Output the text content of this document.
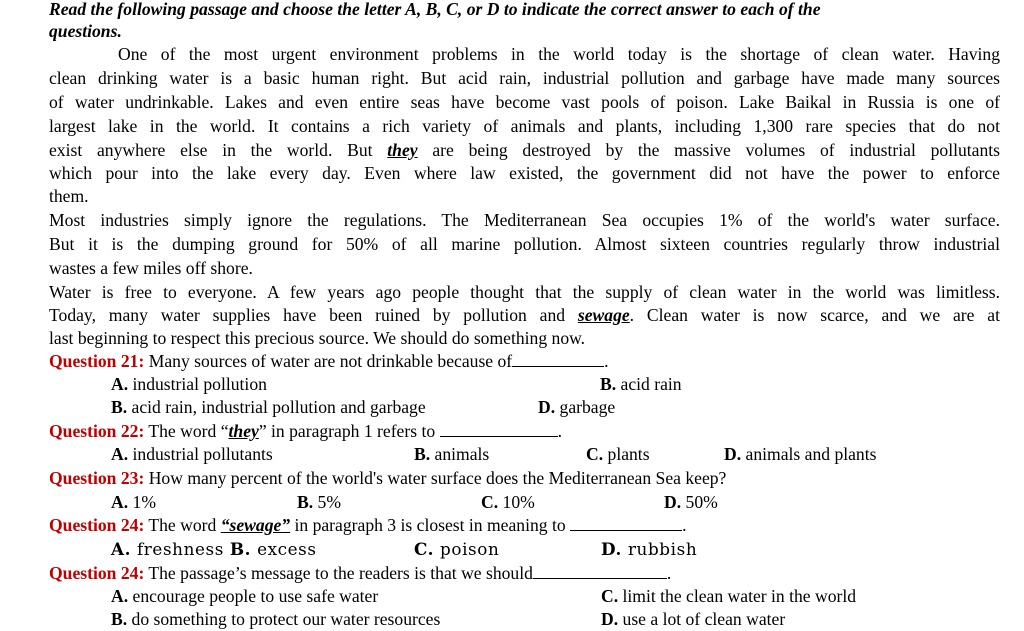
Read the following passage and choose the letter A, B, C, or D to indicate the correct answer to each of the
questions.
One of the most urgent environment problems in the world today is the shortage of clean water. Having
clean drinking water is a basic human right. But acid rain, industrial pollution and garbage have made many sources
of water undrinkable. Lakes and even entire seas have become vast pools of poison. Lake Baikal in Russia is one of
largest lake in the world. It contains a rich variety of animals and plants, including 1,300 rare species that do not
exist anywhere else in the world. But they are being destroyed by the massive volumes of industrial pollutants
which pour into the lake every day. Even where law existed, the government did not have the power to enforce
them.
Most industries simply ignore the regulations. The Mediterranean Sea occupies 1% of the world's water surface.
But it is the dumping ground for 50% of all marine pollution. Almost sixteen countries regularly throw industrial
wastes a few miles off shore.
Water is free to everyone. A few years ago people thought that the supply of clean water in the world was limitless.
Today, many water supplies have been ruined by pollution and sewage. Clean water is now scarce, and we are at
last beginning to respect this precious source. We should do something now.
Question 21: Many sources of water are not drinkable because of	.
A. industrial pollution	B. acid rain
B. acid rain, industrial pollution and garbage	D. garbage
Question 22: The word “they” in paragraph 1 refers to	.
A. industrial pollutants	B. animals	C. plants	D. animals and plants
Question 23: How many percent of the world's water surface does the Mediterranean Sea keep?
A. 1%	B. 5%	C. 10%	D. 50%
Question 24: The word “sewage” in paragraph 3 is closest in meaning to	.
A. freshness B. excess	C. poison	D. rubbish
Question 24: The passage’s message to the readers is that we should	.
A. encourage people to use safe water	C. limit the clean water in the world
B. do something to protect our water resources	D. use a lot of clean water
